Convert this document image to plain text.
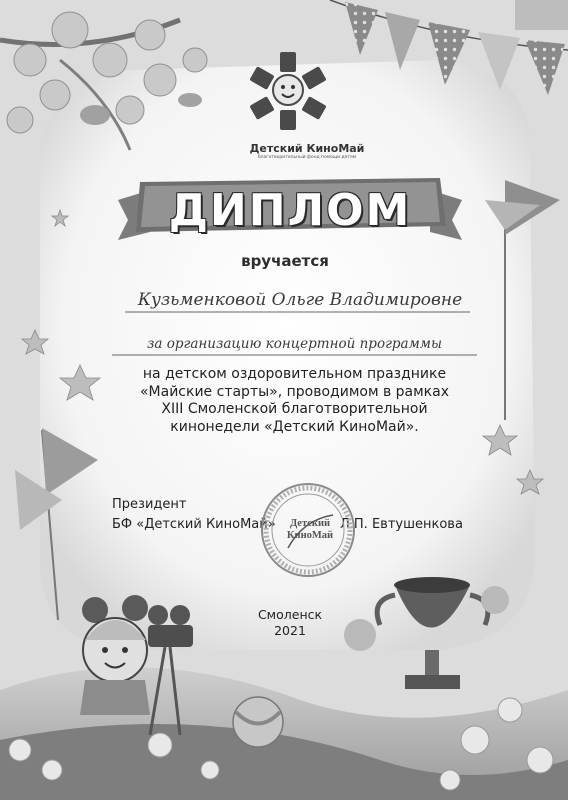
Детский КиноМай
благотворительный фонд помощи детям
ДИПЛОМ
вручается
Кузьменковой Ольге Владимировне
за организацию концертной программы
на детском оздоровительном празднике
«Майские старты», проводимом в рамках
XIII Смоленской благотворительной
кинонедели «Детский КиноМай».
Президент
БФ «Детский КиноМай»	Л.П. Евтушенкова
Детский
КиноМай
Смоленск
2021
